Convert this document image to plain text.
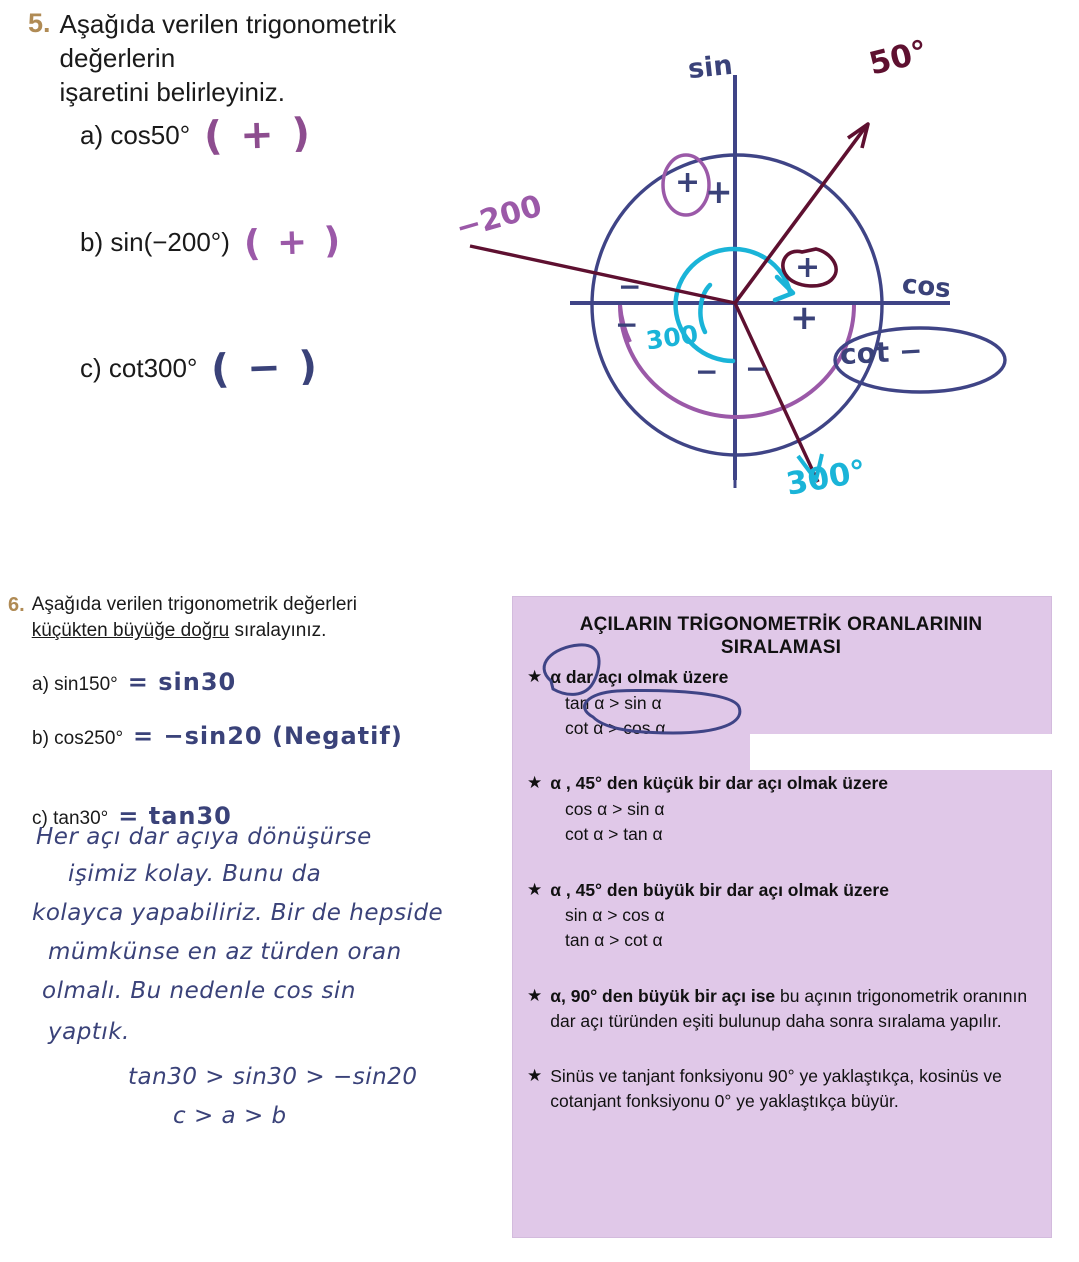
5. Aşağıda verilen trigonometrik değerlerin
işaretini belirleyiniz.
a) cos50° ( + )
b) sin(−200°) ( + )
c) cot300° ( − )
sin
cos
50°
−200
300°
300	cot −
+ +
+
+
−
−
− −
6. Aşağıda verilen trigonometrik değerleri
küçükten büyüğe doğru sıralayınız.
a) sin150° = sin30
b) cos250° = −sin20 (Negatif)
c) tan30° = tan30
Her açı dar açıya dönüşürse
işimiz kolay. Bunu da
kolayca yapabiliriz. Bir de hepside
mümkünse en az türden oran
olmalı. Bu nedenle cos sin
yaptık.
tan30 > sin30 > −sin20
c > a > b
AÇILARIN TRİGONOMETRİK ORANLARININ
SIRALAMASI
★ α dar açı olmak üzere
tan α > sin α
cot α > cos α
★ α , 45° den küçük bir dar açı olmak üzere
cos α > sin α
cot α > tan α
★ α , 45° den büyük bir dar açı olmak üzere
sin α > cos α
tan α > cot α
★ α, 90° den büyük bir açı ise bu açının trigonometrik oranının dar açı türünden eşiti bulunup daha sonra sıralama yapılır.
★ Sinüs ve tanjant fonksiyonu 90° ye yaklaştıkça, kosinüs ve cotanjant fonksiyonu 0° ye yaklaştıkça büyür.
